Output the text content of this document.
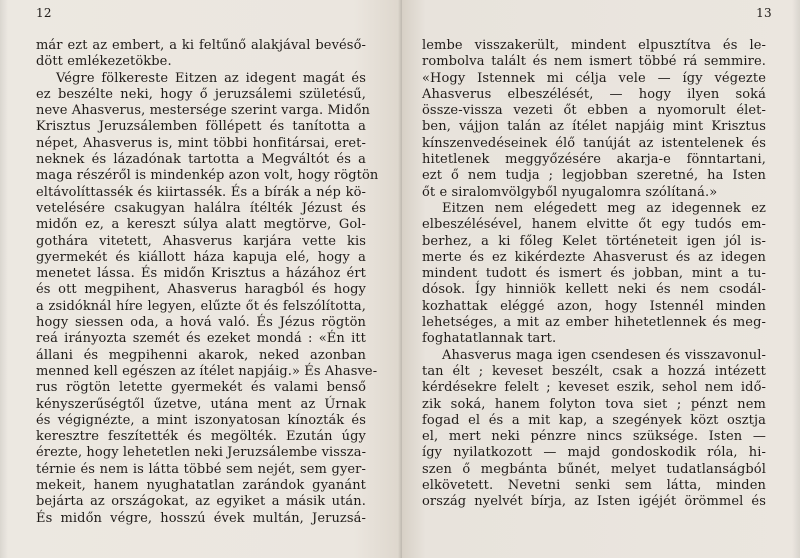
12
már ezt az embert, a ki feltűnő alakjával bevéső-
dött emlékezetökbe.
Végre fölkereste Eitzen az idegent magát és
ez beszélte neki, hogy ő jeruzsálemi születésű,
neve Ahasverus, mestersége szerint varga. Midőn
Krisztus Jeruzsálemben föllépett és tanította a
népet, Ahasverus is, mint többi honfitársai, eret-
neknek és lázadónak tartotta a Megváltót és a
maga részéről is mindenkép azon volt, hogy rögtön
eltávolíttassék és kiirtassék. És a bírák a nép kö-
vetelésére csakugyan halálra ítélték Jézust és
midőn ez, a kereszt súlya alatt megtörve, Gol-
gothára vitetett, Ahasverus karjára vette kis
gyermekét és kiállott háza kapuja elé, hogy a
menetet lássa. És midőn Krisztus a házához ért
és ott megpihent, Ahasverus haragból és hogy
a zsidóknál híre legyen, elűzte őt és felszólította,
hogy siessen oda, a hová való. És Jézus rögtön
reá irányozta szemét és ezeket mondá : «Én itt
állani és megpihenni akarok, neked azonban
menned kell egészen az ítélet napjáig.» És Ahasve-
rus rögtön letette gyermekét és valami benső
kényszerűségtől űzetve, utána ment az Úrnak
és végignézte, a mint iszonyatosan kínozták és
keresztre feszítették és megölték. Ezután úgy
érezte, hogy lehetetlen neki Jeruzsálembe vissza-
térnie és nem is látta többé sem nejét, sem gyer-
mekeit, hanem nyughatatlan zarándok gyanánt
bejárta az országokat, az egyiket a másik után.
És midőn végre, hosszú évek multán, Jeruzsá-
13
lembe visszakerült, mindent elpusztítva és le-
rombolva talált és nem ismert többé rá semmire.
«Hogy Istennek mi célja vele — így végezte
Ahasverus elbeszélését, — hogy ilyen soká
össze-vissza vezeti őt ebben a nyomorult élet-
ben, vájjon talán az ítélet napjáig mint Krisztus
kínszenvedéseinek élő tanúját az istentelenek és
hitetlenek meggyőzésére akarja-e fönntartani,
ezt ő nem tudja ; legjobban szeretné, ha Isten
őt e siralomvölgyből nyugalomra szólítaná.»
Eitzen nem elégedett meg az idegennek ez
elbeszélésével, hanem elvitte őt egy tudós em-
berhez, a ki főleg Kelet történeteit igen jól is-
merte és ez kikérdezte Ahasverust és az idegen
mindent tudott és ismert és jobban, mint a tu-
dósok. Így hinniök kellett neki és nem csodál-
kozhattak eléggé azon, hogy Istennél minden
lehetséges, a mit az ember hihetetlennek és meg-
foghatatlannak tart.
Ahasverus maga igen csendesen és visszavonul-
tan élt ; keveset beszélt, csak a hozzá intézett
kérdésekre felelt ; keveset eszik, sehol nem idő-
zik soká, hanem folyton tova siet ; pénzt nem
fogad el és a mit kap, a szegények közt osztja
el, mert neki pénzre nincs szüksége. Isten —
így nyilatkozott — majd gondoskodik róla, hi-
szen ő megbánta bűnét, melyet tudatlanságból
elkövetett. Nevetni senki sem látta, minden
ország nyelvét bírja, az Isten igéjét örömmel és
